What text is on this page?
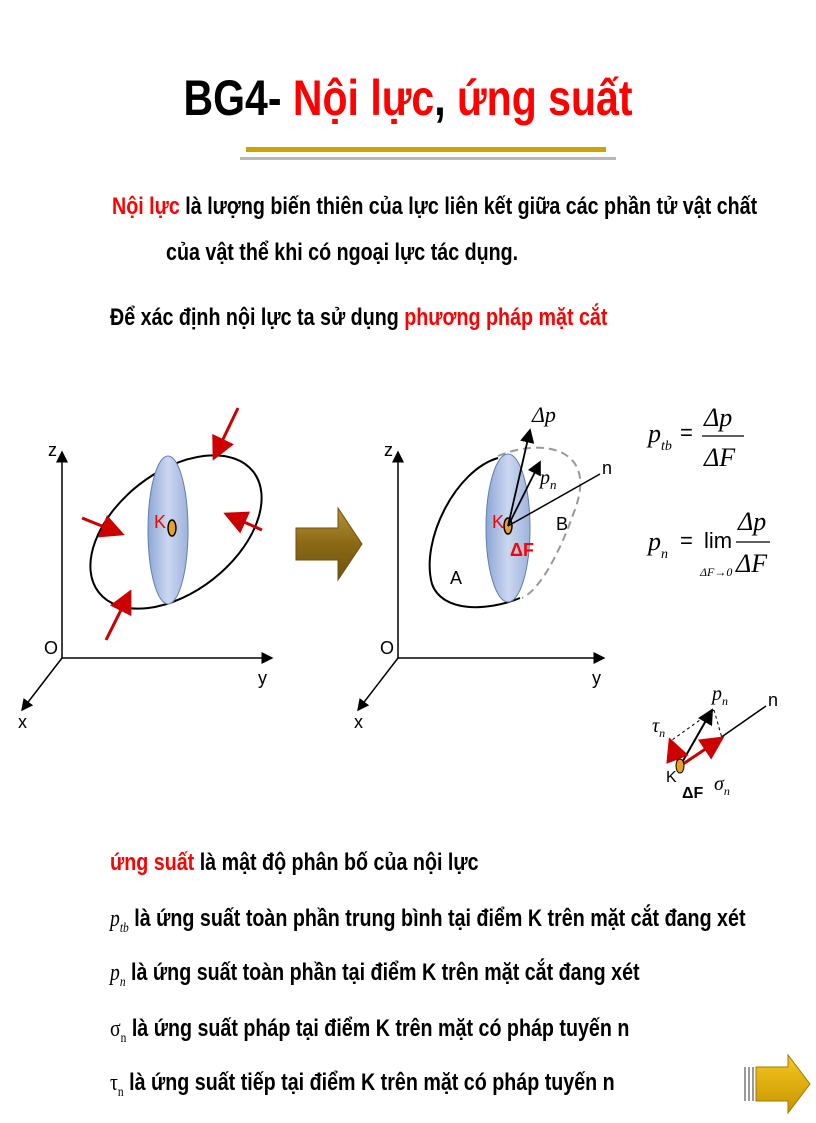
BG4- Nội lực, ứng suất
Nội lực là lượng biến thiên của lực liên kết giữa các phần tử vật chất
của vật thể khi có ngoại lực tác dụng.
Để xác định nội lực ta sử dụng phương pháp mặt cắt
z
y
x
O
K
z
y
x
O
K
ΔF
A
B
n
Δp
$p_n$
$p_{tb}$
=
Δp
ΔF
$p_n$
= lim
ΔF→0
Δp
ΔF
n
K
ΔF
$\tau_n$
$p_n$
$\sigma_n$
ứng suất là mật độ phân bố của nội lực
$p_{tb}$ là ứng suất toàn phần trung bình tại điểm K trên mặt cắt đang xét
$p_n$ là ứng suất toàn phần tại điểm K trên mặt cắt đang xét
$\sigma_n$ là ứng suất pháp tại điểm K trên mặt có pháp tuyến n
$\tau_n$ là ứng suất tiếp tại điểm K trên mặt có pháp tuyến n
